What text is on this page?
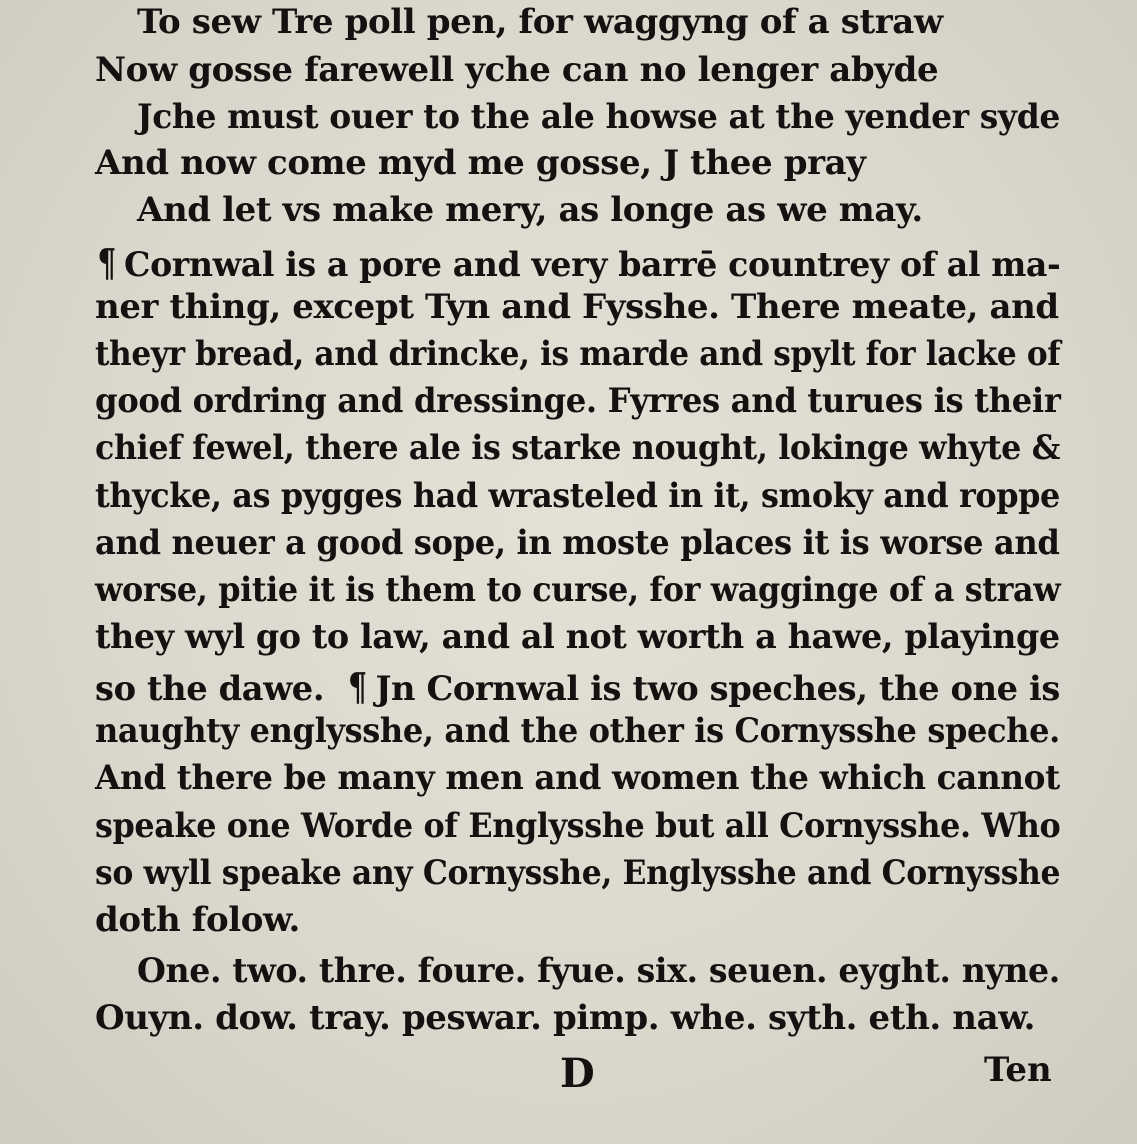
To sew Tre poll pen, for waggyng of a straw
Now gosse farewell yche can no lenger abyde
Jche must ouer to the ale howse at the yender syde
And now come myd me gosse, J thee pray
And let vs make mery, as longe as we may.
¶ Cornwal is a pore and very barrē countrey of al ma-
ner thing, except Tyn and Fysshe. There meate, and
theyr bread, and drincke, is marde and spylt for lacke of
good ordring and dressinge. Fyrres and turues is their
chief fewel, there ale is starke nought, lokinge whyte &
thycke, as pygges had wrasteled in it, smoky and roppe
and neuer a good sope, in moste places it is worse and
worse, pitie it is them to curse, for wagginge of a straw
they wyl go to law, and al not worth a hawe, playinge
so the dawe. ¶ Jn Cornwal is two speches, the one is
naughty englysshe, and the other is Cornysshe speche.
And there be many men and women the which cannot
speake one Worde of Englysshe but all Cornysshe. Who
so wyll speake any Cornysshe, Englysshe and Cornysshe
doth folow.
One. two. thre. foure. fyue. six. seuen. eyght. nyne.
Ouyn. dow. tray. peswar. pimp. whe. syth. eth. naw.
D	Ten
